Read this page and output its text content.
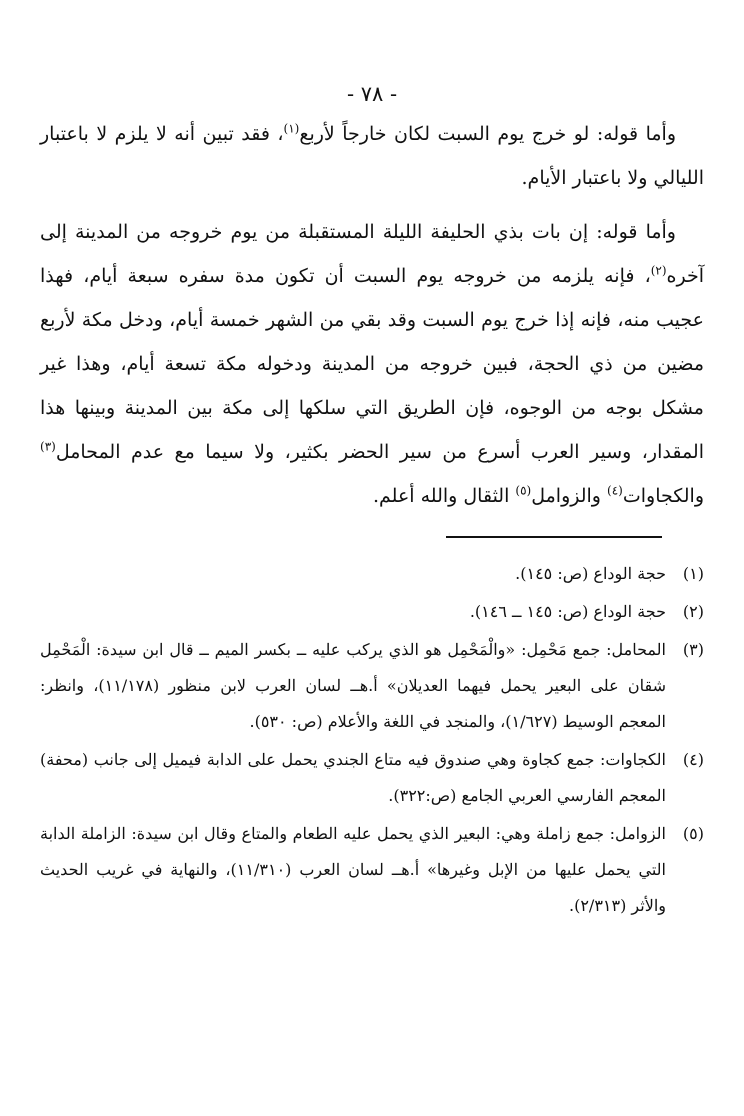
- ٧٨ -

وأما قوله: لو خرج يوم السبت لكان خارجاً لأربع$^{(١)}$، فقد تبين أنه لا يلزم لا باعتبار الليالي ولا باعتبار الأيام.

وأما قوله: إن بات بذي الحليفة الليلة المستقبلة من يوم خروجه من المدينة إلى آخره$^{(٢)}$، فإنه يلزمه من خروجه يوم السبت أن تكون مدة سفره سبعة أيام، فهذا عجيب منه، فإنه إذا خرج يوم السبت وقد بقي من الشهر خمسة أيام، ودخل مكة لأربع مضين من ذي الحجة، فبين خروجه من المدينة ودخوله مكة تسعة أيام، وهذا غير مشكل بوجه من الوجوه، فإن الطريق التي سلكها إلى مكة بين المدينة وبينها هذا المقدار، وسير العرب أسرع من سير الحضر بكثير، ولا سيما مع عدم المحامل$^{(٣)}$ والكجاوات$^{(٤)}$ والزوامل$^{(٥)}$ الثقال والله أعلم.

(١)
حجة الوداع (ص: ١٤٥).
(٢)
حجة الوداع (ص: ١٤٥ ــ ١٤٦).
(٣)
المحامل: جمع مَحْمِل: «والْمَحْمِل هو الذي يركب عليه ــ بكسر الميم ــ قال ابن سيدة: الْمَحْمِل شقان على البعير يحمل فيهما العديلان» أ.هــ لسان العرب لابن منظور (١١/١٧٨)، وانظر: المعجم الوسيط (١/٦٢٧)، والمنجد في اللغة والأعلام (ص: ٥٣٠).
(٤)
الكجاوات: جمع كجاوة وهي صندوق فيه متاع الجندي يحمل على الدابة فيميل إلى جانب (محفة) المعجم الفارسي العربي الجامع (ص:٣٢٢).
(٥)
الزوامل: جمع زاملة وهي: البعير الذي يحمل عليه الطعام والمتاع وقال ابن سيدة: الزاملة الدابة التي يحمل عليها من الإبل وغيرها» أ.هــ لسان العرب (١١/٣١٠)، والنهاية في غريب الحديث والأثر (٢/٣١٣).
